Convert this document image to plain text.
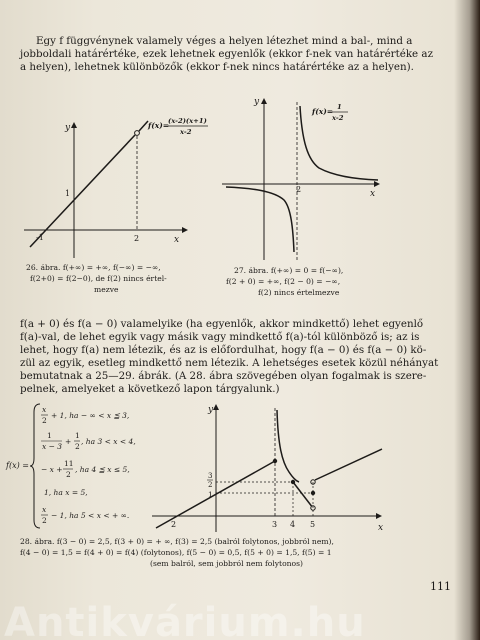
Egy f függvénynek valamely véges a helyen létezhet mind a bal-, mind a
jobboldali határértéke, ezek lehetnek egyenlők (ekkor f-nek van határértéke az
a helyen), lehetnek különbözők (ekkor f-nek nincs határértéke az a helyen).
y
x
1
2
-1
f(x)=
(x-2)(x+1)
x-2
26. ábra. f(+∞) = +∞, f(−∞) = −∞,
f(2+0) = f(2−0), de f(2) nincs értel-
mezve
y
x
2
f(x)= 1
x-2
27. ábra. f(+∞) = 0 = f(−∞),
f(2 + 0) = +∞, f(2 − 0) = −∞,
f(2) nincs értelmezve
f(a + 0) és f(a − 0) valamelyike (ha egyenlők, akkor mindkettő) lehet egyenlő
f(a)-val, de lehet egyik vagy másik vagy mindkettő f(a)-tól különböző is; az is
lehet, hogy f(a) nem létezik, és az is előfordulhat, hogy f(a − 0) és f(a − 0) kö-
zül az egyik, esetleg mindkettő nem létezik. A lehetséges esetek közül néhányat
bemutatnak a 25—29. ábrák. (A 28. ábra szövegében olyan fogalmak is szere-
pelnek, amelyeket a következő lapon tárgyalunk.)
f(x) =
x
2
+ 1, ha − ∞ < x ≦ 3,
1
x − 3
+
1
2
, ha 3 < x < 4,
− x +
11
2
, ha 4 ≦ x ≤ 5,
1, ha x = 5,
x
2
− 1, ha 5 < x < + ∞.
y
x
3
2
1
2	3 4 5
28. ábra. f(3 − 0) = 2,5, f(3 + 0) = + ∞, f(3) = 2,5 (balról folytonos, jobbról nem),
f(4 − 0) = 1,5 = f(4 + 0) = f(4) (folytonos), f(5 − 0) = 0,5, f(5 + 0) = 1,5, f(5) = 1
(sem balról, sem jobbról nem folytonos)
111
Antikvárium.hu
